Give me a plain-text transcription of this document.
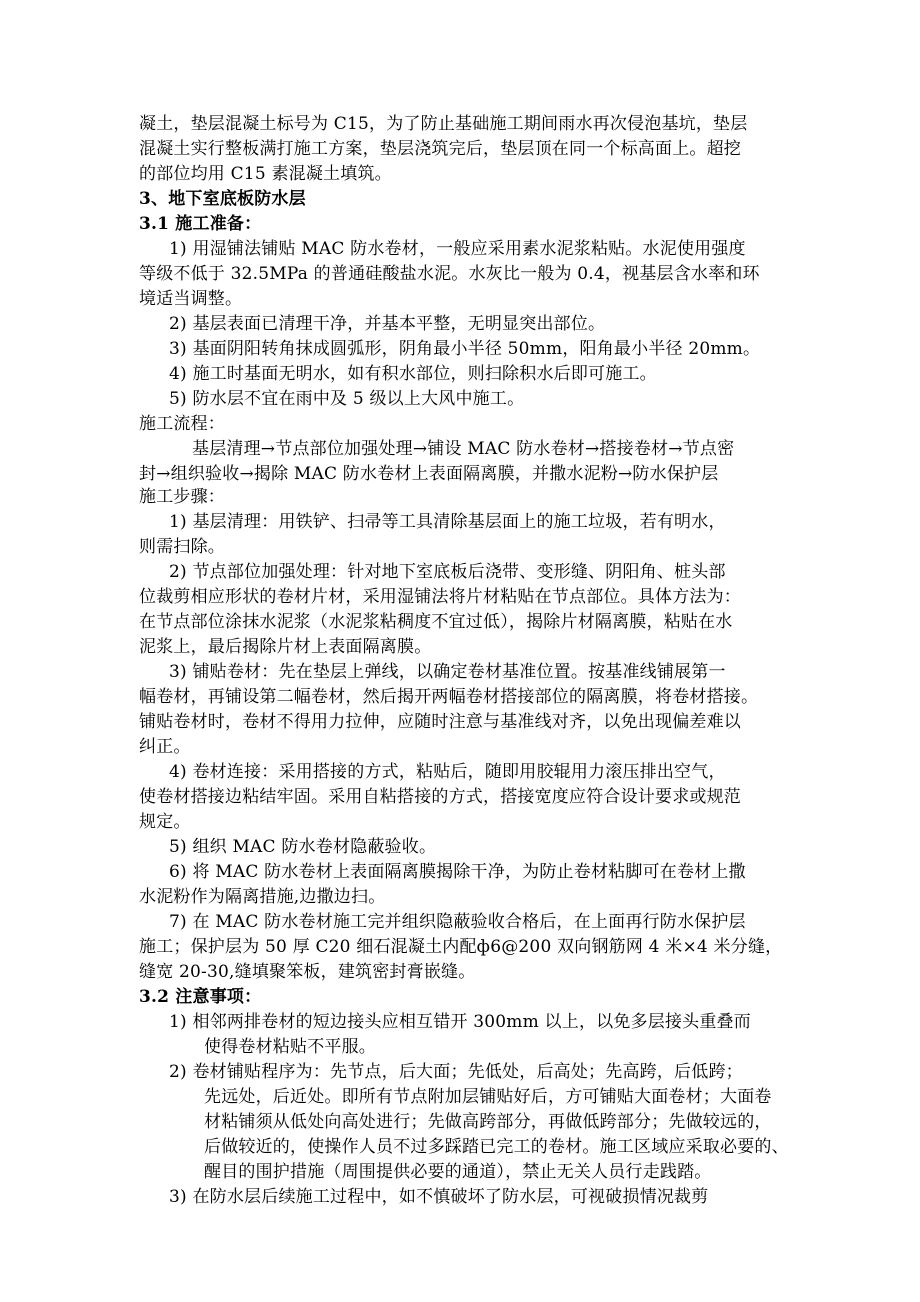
凝土，垫层混凝土标号为 C15，为了防止基础施工期间雨水再次侵泡基坑，垫层
混凝土实行整板满打施工方案，垫层浇筑完后，垫层顶在同一个标高面上。超挖
的部位均用 C15 素混凝土填筑。
3、地下室底板防水层
3.1 施工准备：
1) 用湿铺法铺贴 MAC 防水卷材，一般应采用素水泥浆粘贴。水泥使用强度
等级不低于 32.5MPa 的普通硅酸盐水泥。水灰比一般为 0.4，视基层含水率和环
境适当调整。
2) 基层表面已清理干净，并基本平整，无明显突出部位。
3) 基面阴阳转角抹成圆弧形，阴角最小半径 50mm，阳角最小半径 20mm。
4) 施工时基面无明水，如有积水部位，则扫除积水后即可施工。
5) 防水层不宜在雨中及 5 级以上大风中施工。
施工流程：
基层清理→节点部位加强处理→铺设 MAC 防水卷材→搭接卷材→节点密
封→组织验收→揭除 MAC 防水卷材上表面隔离膜，并撒水泥粉→防水保护层
施工步骤：
1) 基层清理：用铁铲、扫帚等工具清除基层面上的施工垃圾，若有明水，
则需扫除。
2) 节点部位加强处理：针对地下室底板后浇带、变形缝、阴阳角、桩头部
位裁剪相应形状的卷材片材，采用湿铺法将片材粘贴在节点部位。具体方法为：
在节点部位涂抹水泥浆（水泥浆粘稠度不宜过低），揭除片材隔离膜，粘贴在水
泥浆上，最后揭除片材上表面隔离膜。
3) 铺贴卷材：先在垫层上弹线，以确定卷材基准位置。按基准线铺展第一
幅卷材，再铺设第二幅卷材，然后揭开两幅卷材搭接部位的隔离膜，将卷材搭接。
铺贴卷材时，卷材不得用力拉伸，应随时注意与基准线对齐，以免出现偏差难以
纠正。
4) 卷材连接：采用搭接的方式，粘贴后，随即用胶辊用力滚压排出空气，
使卷材搭接边粘结牢固。采用自粘搭接的方式，搭接宽度应符合设计要求或规范
规定。
5) 组织 MAC 防水卷材隐蔽验收。
6) 将 MAC 防水卷材上表面隔离膜揭除干净，为防止卷材粘脚可在卷材上撒
水泥粉作为隔离措施,边撒边扫。
7) 在 MAC 防水卷材施工完并组织隐蔽验收合格后，在上面再行防水保护层
施工；保护层为 50 厚 C20 细石混凝土内配ф6@200 双向钢筋网 4 米×4 米分缝，
缝宽 20-30,缝填聚笨板，建筑密封膏嵌缝。
3.2 注意事项：
1) 相邻两排卷材的短边接头应相互错开 300mm 以上，以免多层接头重叠而
使得卷材粘贴不平服。
2) 卷材铺贴程序为：先节点，后大面；先低处，后高处；先高跨，后低跨；
先远处，后近处。即所有节点附加层铺贴好后，方可铺贴大面卷材；大面卷
材粘铺须从低处向高处进行；先做高跨部分，再做低跨部分；先做较远的，
后做较近的，使操作人员不过多踩踏已完工的卷材。施工区域应采取必要的、
醒目的围护措施（周围提供必要的通道），禁止无关人员行走践踏。
3) 在防水层后续施工过程中，如不慎破坏了防水层，可视破损情况裁剪
